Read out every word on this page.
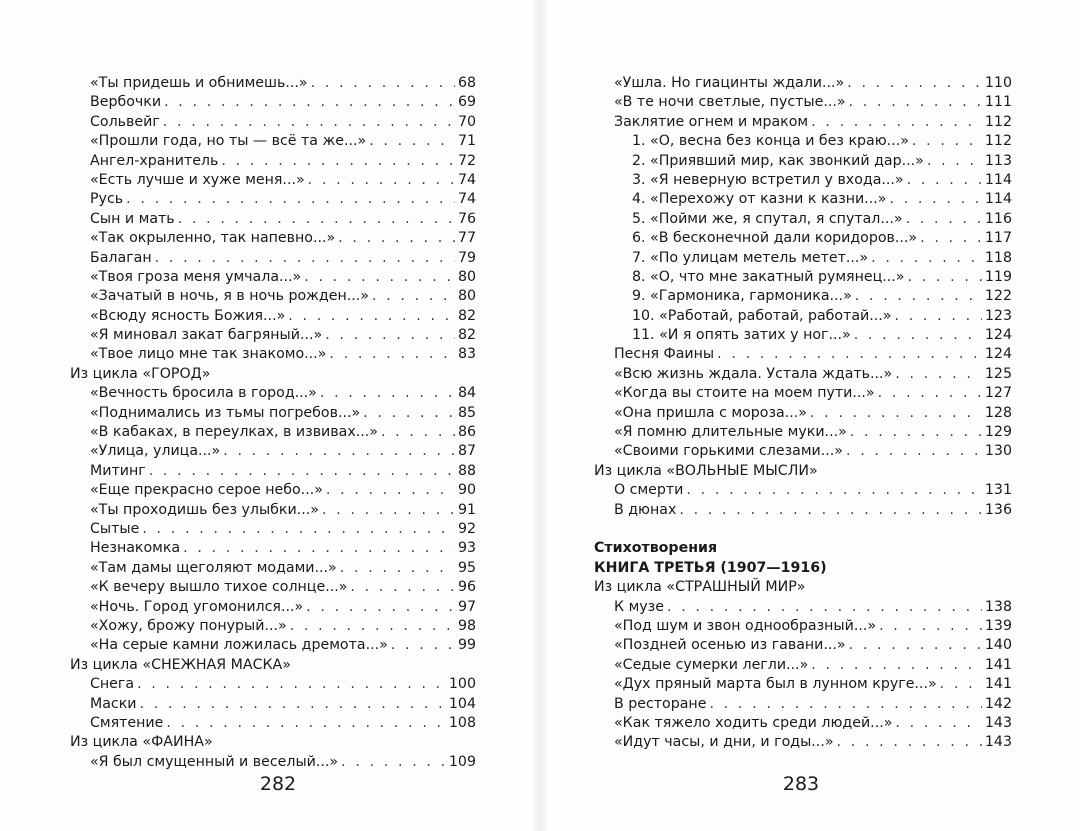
«Ты придешь и обнимешь...» . . .	68
Вербочки . . .	69
Сольвейг . . .	70
«Прошли года, но ты — всё та же...» . . .	71
Ангел-хранитель . . .	72
«Есть лучше и хуже меня...» . . .	74
Русь . . .	74
Сын и мать . . .	76
«Так окрыленно, так напевно...» . . .	77
Балаган . . .	79
«Твоя гроза меня умчала...» . . .	80
«Зачатый в ночь, я в ночь рожден...» . . .	80
«Всюду ясность Божия...» . . .	82
«Я миновал закат багряный...» . . .	82
«Твое лицо мне так знакомо...» . . .	83
Из цикла «ГОРОД»
«Вечность бросила в город...» . . .	84
«Поднимались из тьмы погребов...» . . .	85
«В кабаках, в переулках, в извивах...» . . .	86
«Улица, улица...» . . .	87
Митинг . . .	88
«Еще прекрасно серое небо...» . . .	90
«Ты проходишь без улыбки...» . . .	91
Сытые . . .	92
Незнакомка . . .	93
«Там дамы щеголяют модами...» . . .	95
«К вечеру вышло тихое солнце...» . . .	96
«Ночь. Город угомонился...» . . .	97
«Хожу, брожу понурый...» . . .	98
«На серые камни ложилась дремота...» . . .	99
Из цикла «СНЕЖНАЯ МАСКА»
Снега . . .	100
Маски . . .	104
Смятение . . .	108
Из цикла «ФАИНА»
«Я был смущенный и веселый...» . . .	109
282
«Ушла. Но гиацинты ждали...» . . .	110
«В те ночи светлые, пустые...» . . .	111
Заклятие огнем и мраком . . .	112
1. «О, весна без конца и без краю...» . . .	112
2. «Приявший мир, как звонкий дар...» . . .	113
3. «Я неверную встретил у входа...» . . .	114
4. «Перехожу от казни к казни...» . . .	114
5. «Пойми же, я спутал, я спутал...» . . .	116
6. «В бесконечной дали коридоров...» . . .	117
7. «По улицам метель метет...» . . .	118
8. «О, что мне закатный румянец...» . . .	119
9. «Гармоника, гармоника...» . . .	122
10. «Работай, работай, работай...» . . .	123
11. «И я опять затих у ног...» . . .	124
Песня Фаины . . .	124
«Всю жизнь ждала. Устала ждать...» . . .	125
«Когда вы стоите на моем пути...» . . .	127
«Она пришла с мороза...» . . .	128
«Я помню длительные муки...» . . .	129
«Своими горькими слезами...» . . .	130
Из цикла «ВОЛЬНЫЕ МЫСЛИ»
О смерти . . .	131
В дюнах . . .	136
Стихотворения
КНИГА ТРЕТЬЯ (1907—1916)
Из цикла «СТРАШНЫЙ МИР»
К музе . . .	138
«Под шум и звон однообразный...» . . .	139
«Поздней осенью из гавани...» . . .	140
«Седые сумерки легли...» . . .	141
«Дух пряный марта был в лунном круге...» . . .	141
В ресторане . . .	142
«Как тяжело ходить среди людей...» . . .	143
«Идут часы, и дни, и годы...» . . .	143
283
